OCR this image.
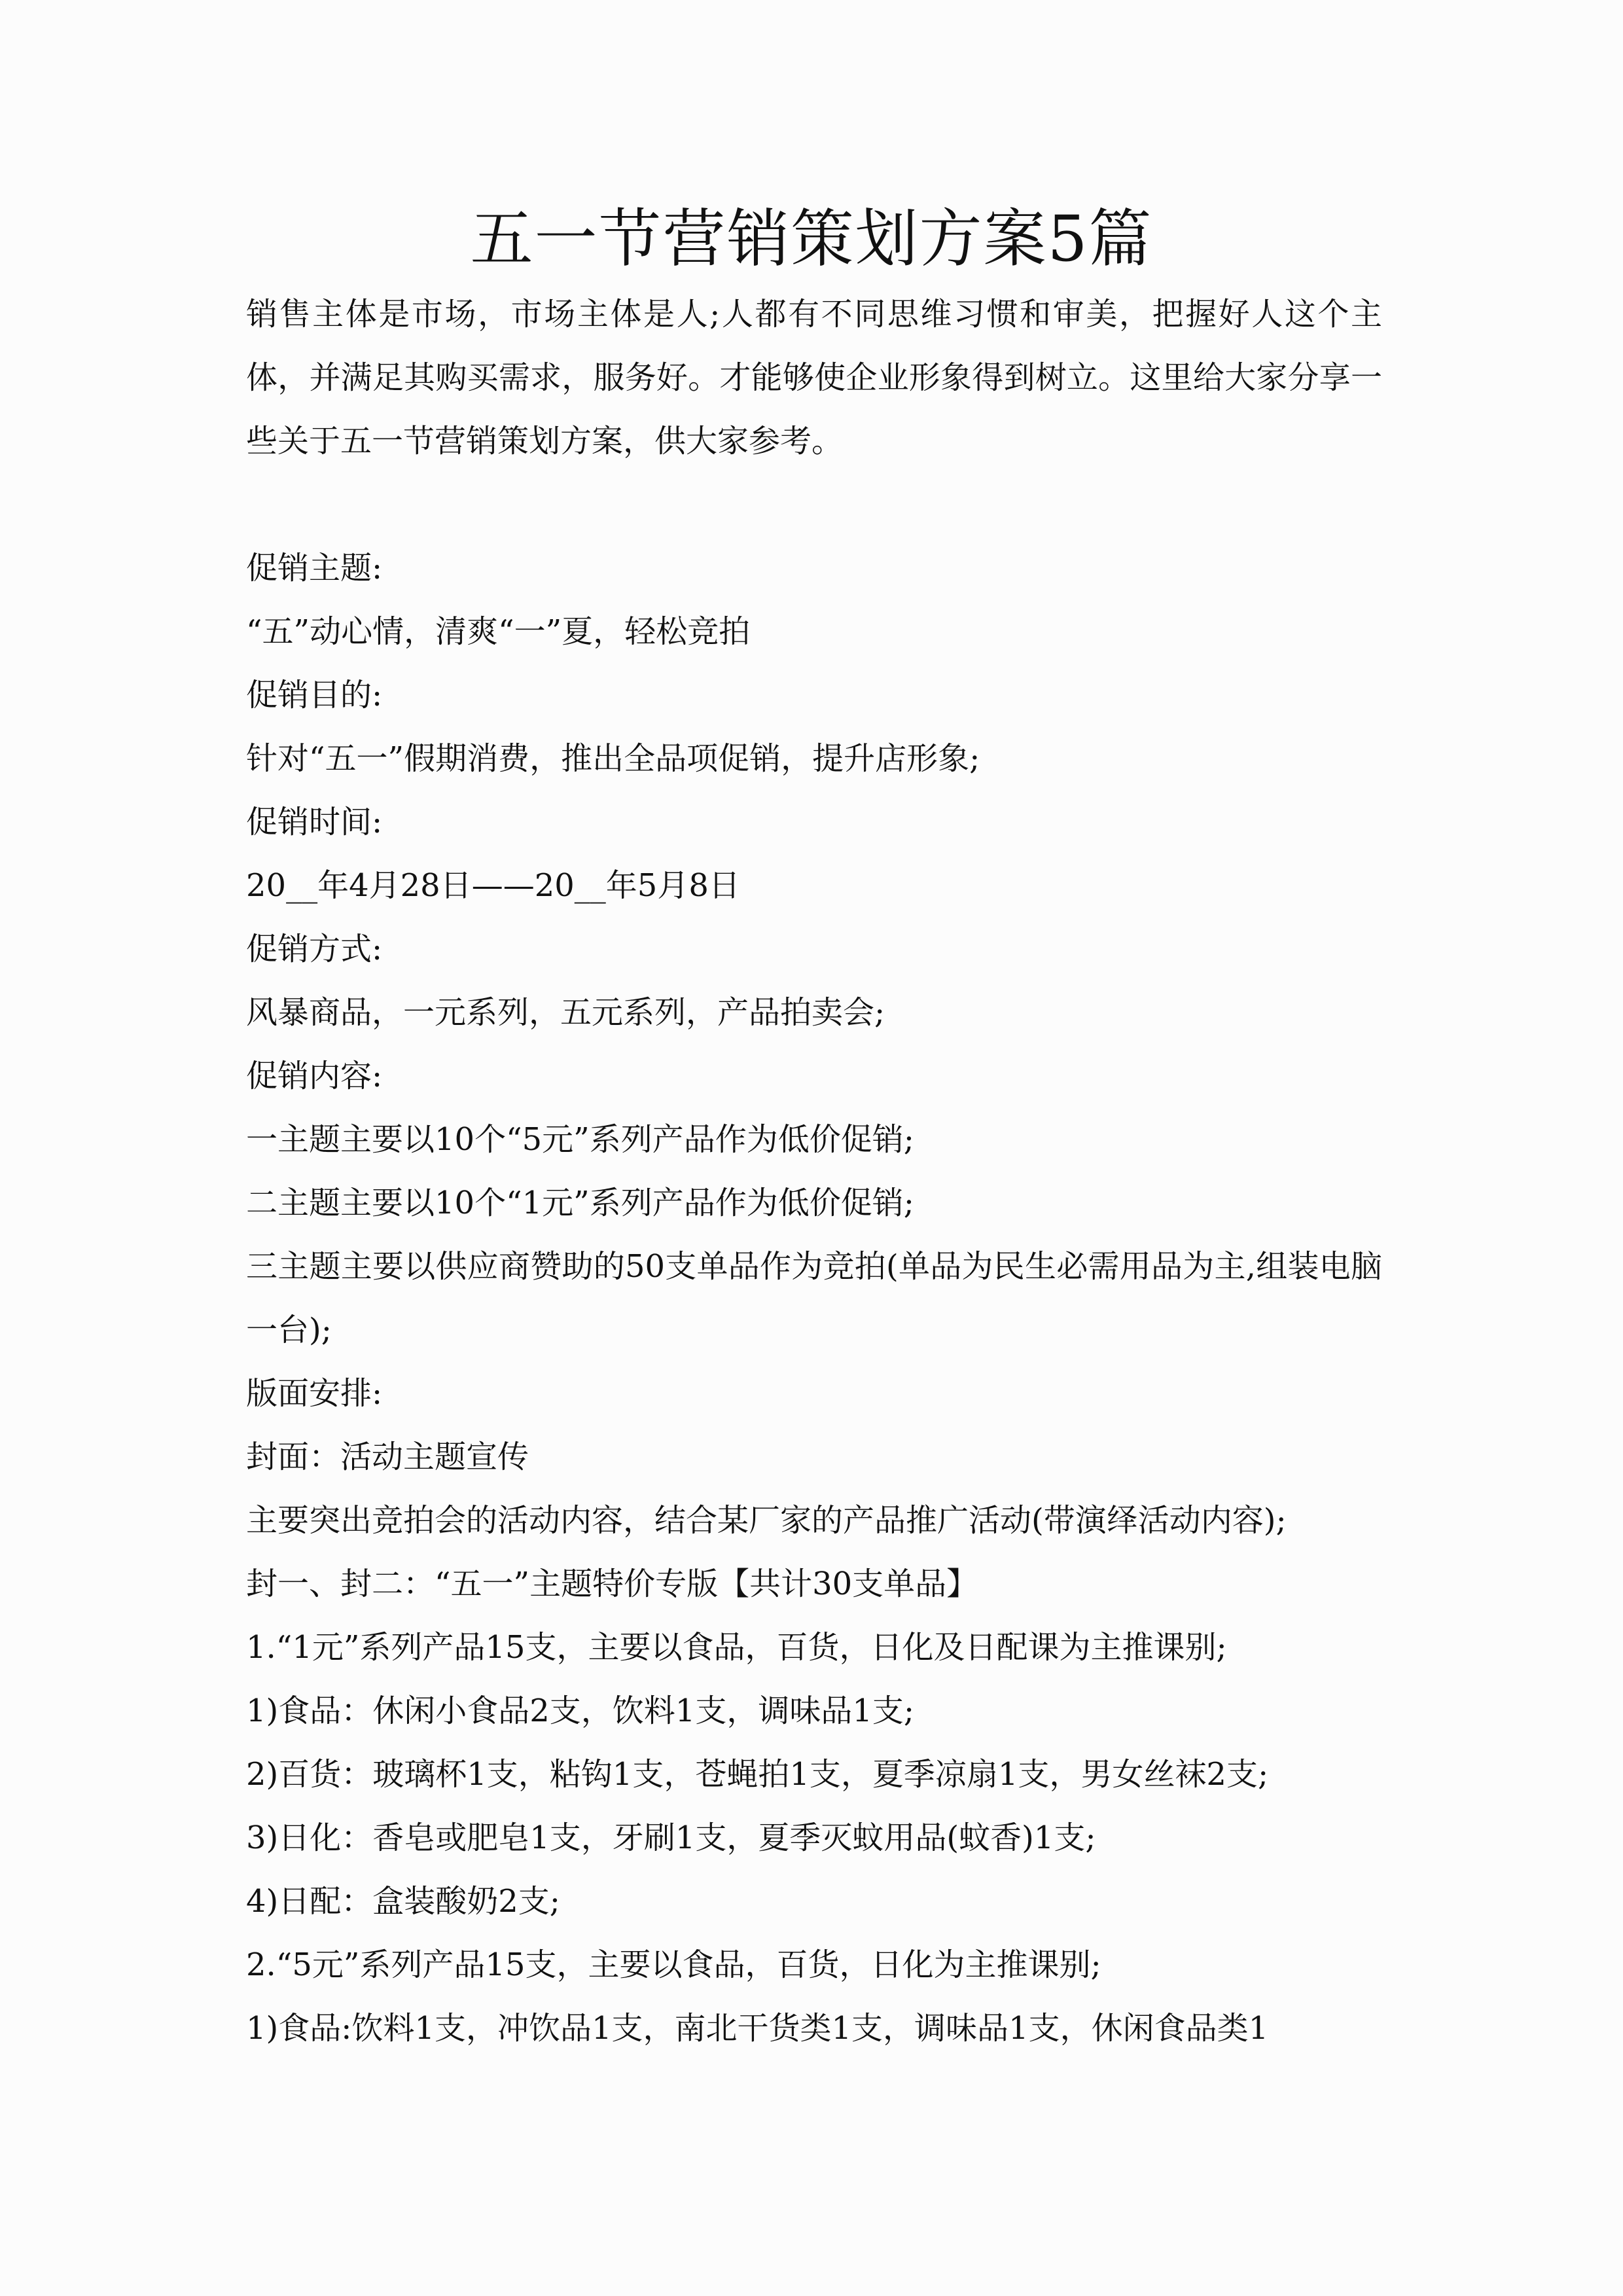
五一节营销策划方案5篇

销售主体是市场，市场主体是人;人都有不同思维习惯和审美，把握好人这个主体，并满足其购买需求，服务好。才能够使企业形象得到树立。这里给大家分享一些关于五一节营销策划方案，供大家参考。

促销主题:

“五”动心情，清爽“一”夏，轻松竞拍

促销目的:

针对“五一”假期消费，推出全品项促销，提升店形象;

促销时间:

20__年4月28日——20__年5月8日

促销方式:

风暴商品，一元系列，五元系列，产品拍卖会;

促销内容:

一主题主要以10个“5元”系列产品作为低价促销;

二主题主要以10个“1元”系列产品作为低价促销;

三主题主要以供应商赞助的50支单品作为竞拍(单品为民生必需用品为主,组装电脑一台);

版面安排:

封面：活动主题宣传

主要突出竞拍会的活动内容，结合某厂家的产品推广活动(带演绎活动内容);

封一、封二：“五一”主题特价专版【共计30支单品】

1.“1元”系列产品15支，主要以食品，百货，日化及日配课为主推课别;

1)食品：休闲小食品2支，饮料1支，调味品1支;

2)百货：玻璃杯1支，粘钩1支，苍蝇拍1支，夏季凉扇1支，男女丝袜2支;

3)日化：香皂或肥皂1支，牙刷1支，夏季灭蚊用品(蚊香)1支;

4)日配：盒装酸奶2支;

2.“5元”系列产品15支，主要以食品，百货，日化为主推课别;

1)食品:饮料1支，冲饮品1支，南北干货类1支，调味品1支，休闲食品类1
